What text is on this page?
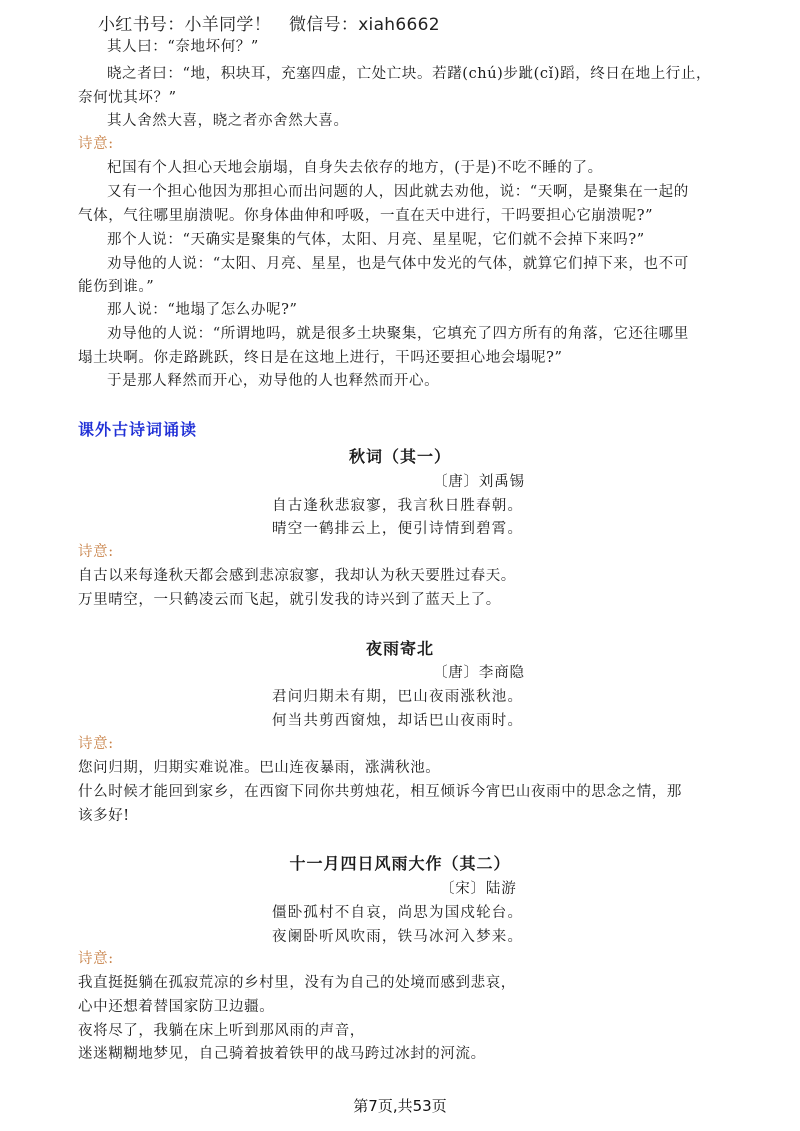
小红书号：小羊同学！ 微信号：xiah6662
其人曰：“奈地坏何？”
晓之者曰：“地，积块耳，充塞四虚，亡处亡块。若躇(chú)步跐(cǐ)蹈，终日在地上行止，
奈何忧其坏？”
其人舍然大喜，晓之者亦舍然大喜。
诗意:
杞国有个人担心天地会崩塌，自身失去依存的地方，(于是)不吃不睡的了。
又有一个担心他因为那担心而出问题的人，因此就去劝他，说：“天啊，是聚集在一起的
气体，气往哪里崩溃呢。你身体曲伸和呼吸，一直在天中进行，干吗要担心它崩溃呢?”
那个人说：“天确实是聚集的气体，太阳、月亮、星星呢，它们就不会掉下来吗?”
劝导他的人说：“太阳、月亮、星星，也是气体中发光的气体，就算它们掉下来，也不可
能伤到谁。”
那人说：“地塌了怎么办呢?”
劝导他的人说：“所谓地吗，就是很多土块聚集，它填充了四方所有的角落，它还往哪里
塌土块啊。你走路跳跃，终日是在这地上进行，干吗还要担心地会塌呢?”
于是那人释然而开心，劝导他的人也释然而开心。
课外古诗词诵读
秋词（其一）
〔唐〕刘禹锡
自古逢秋悲寂寥，我言秋日胜春朝。
晴空一鹤排云上，便引诗情到碧霄。
诗意:
自古以来每逢秋天都会感到悲凉寂寥，我却认为秋天要胜过春天。
万里晴空，一只鹤凌云而飞起，就引发我的诗兴到了蓝天上了。
夜雨寄北
〔唐〕李商隐
君问归期未有期，巴山夜雨涨秋池。
何当共剪西窗烛，却话巴山夜雨时。
诗意:
您问归期，归期实难说准。巴山连夜暴雨，涨满秋池。
什么时候才能回到家乡，在西窗下同你共剪烛花，相互倾诉今宵巴山夜雨中的思念之情，那
该多好!
十一月四日风雨大作（其二）
〔宋〕陆游
僵卧孤村不自哀，尚思为国戍轮台。
夜阑卧听风吹雨，铁马冰河入梦来。
诗意:
我直挺挺躺在孤寂荒凉的乡村里，没有为自己的处境而感到悲哀，
心中还想着替国家防卫边疆。
夜将尽了，我躺在床上听到那风雨的声音，
迷迷糊糊地梦见，自己骑着披着铁甲的战马跨过冰封的河流。
第7页,共53页
